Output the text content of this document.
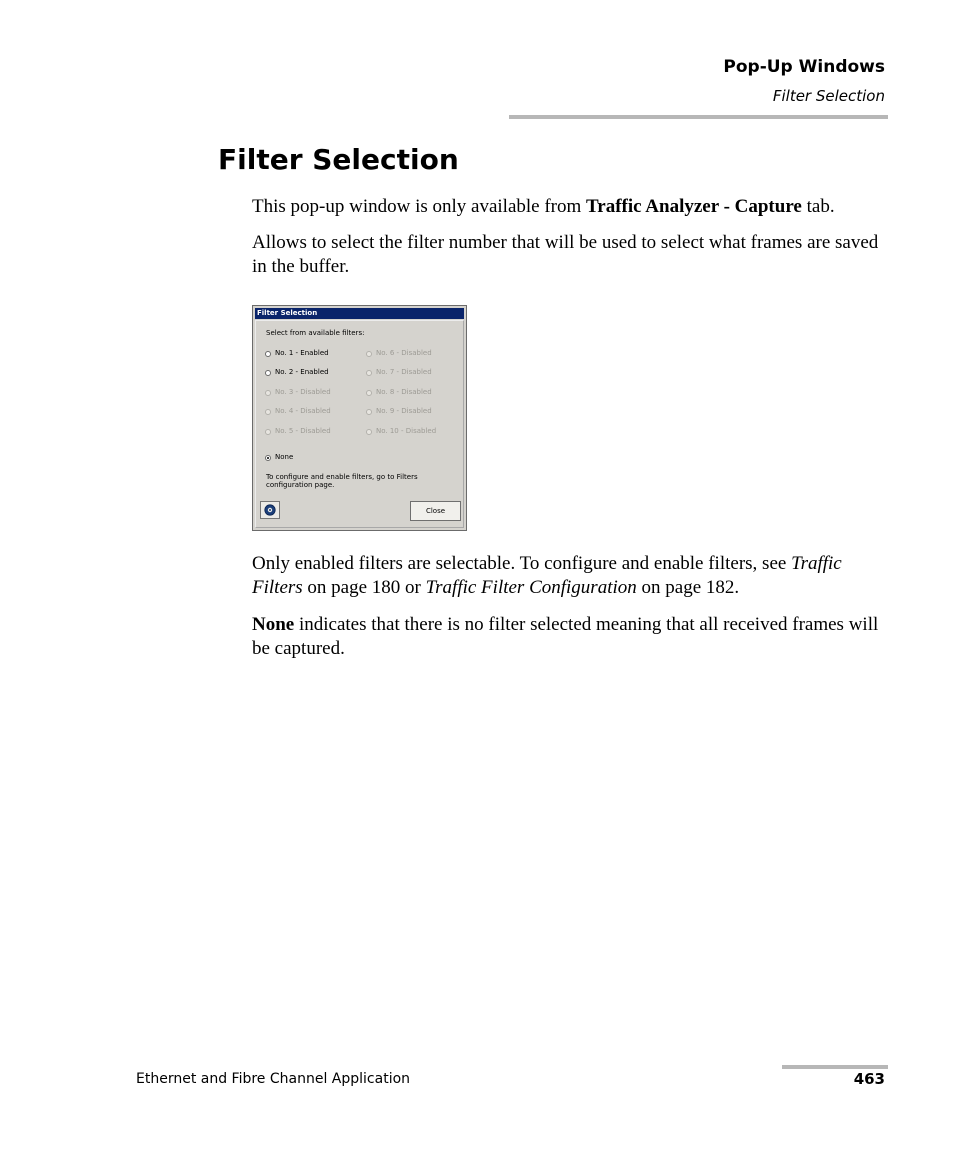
Pop-Up Windows
Filter Selection
Filter Selection

This pop-up window is only available from Traffic Analyzer - Capture tab.

Allows to select the filter number that will be used to select what frames are saved in the buffer.

Filter Selection
Select from available filters:
No. 1 - Enabled
No. 2 - Enabled
No. 3 - Disabled
No. 4 - Disabled
No. 5 - Disabled
No. 6 - Disabled
No. 7 - Disabled
No. 8 - Disabled
No. 9 - Disabled
No. 10 - Disabled
None
To configure and enable filters, go to Filters
configuration page.
Close

Only enabled filters are selectable. To configure and enable filters, see Traffic Filters on page 180 or Traffic Filter Configuration on page 182.

None indicates that there is no filter selected meaning that all received frames will be captured.

Ethernet and Fibre Channel Application	463
